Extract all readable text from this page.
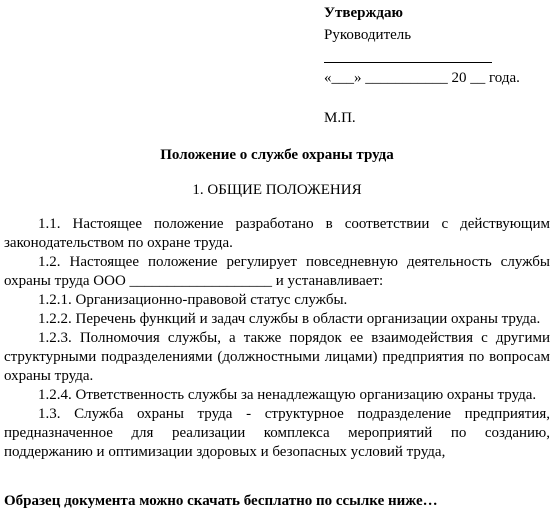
Утверждаю
Руководитель
«___» ___________ 20 __ года.
М.П.
Положение о службе охраны труда
1. ОБЩИЕ ПОЛОЖЕНИЯ

1.1. Настоящее положение разработано в соответствии с действующим законодательством по охране труда.

1.2. Настоящее положение регулирует повседневную деятельность службы охраны труда ООО ___________________ и устанавливает:

1.2.1. Организационно-правовой статус службы.

1.2.2. Перечень функций и задач службы в области организации охраны труда.

1.2.3. Полномочия службы, а также порядок ее взаимодействия с другими структурными подразделениями (должностными лицами) предприятия по вопросам охраны труда.

1.2.4. Ответственность службы за ненадлежащую организацию охраны труда.

1.3. Служба охраны труда - структурное подразделение предприятия, предназначенное для реализации комплекса мероприятий по созданию, поддержанию и оптимизации здоровых и безопасных условий труда,

Образец документа можно скачать бесплатно по ссылке ниже…
